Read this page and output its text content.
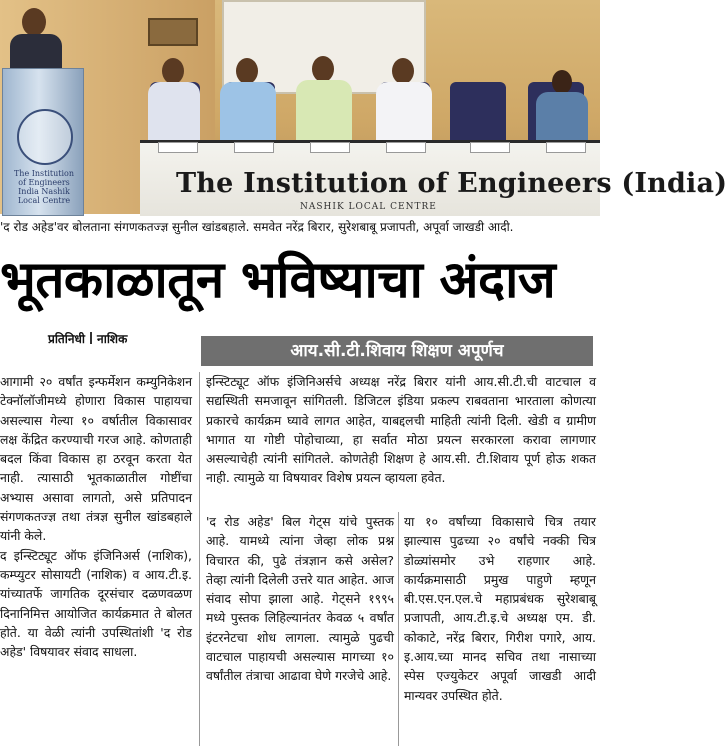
The Institution of Engineers India Nashik Local Centre
The Institution of Engineers (India)
NASHIK LOCAL CENTRE
'द रोड अहेड'वर बोलताना संगणकतज्ज्ञ सुनील खांडबहाले. समवेत नरेंद्र बिरार, सुरेशबाबू प्रजापती, अपूर्वा जाखडी आदी.
भूतकाळातून भविष्याचा अंदाज
प्रतिनिधी नाशिक
आय.सी.टी.शिवाय शिक्षण अपूर्णच
आगामी २० वर्षांत इन्फर्मेशन कम्युनिकेशन टेक्नॉलॉजीमध्ये होणारा विकास पाहायचा असल्यास गेल्या १० वर्षातील विकासावर लक्ष केंद्रित करण्याची गरज आहे. कोणताही बदल किंवा विकास हा ठरवून करता येत नाही. त्यासाठी भूतकाळातील गोष्टींचा अभ्यास असावा लागतो, असे प्रतिपादन संगणकतज्ज्ञ तथा तंत्रज्ञ सुनील खांडबहाले यांनी केले.
द इन्स्टिट्यूट ऑफ इंजिनिअर्स (नाशिक), कम्प्युटर सोसायटी (नाशिक) व आय.टी.इ. यांच्यातर्फे जागतिक दूरसंचार दळणवळण दिनानिमित्त आयोजित कार्यक्रमात ते बोलत होते. या वेळी त्यांनी उपस्थितांशी 'द रोड अहेड' विषयावर संवाद साधला.
इन्स्टिट्यूट ऑफ इंजिनिअर्सचे अध्यक्ष नरेंद्र बिरार यांनी आय.सी.टी.ची वाटचाल व सद्यस्थिती समजावून सांगितली. डिजिटल इंडिया प्रकल्प राबवताना भारताला कोणत्या प्रकारचे कार्यक्रम घ्यावे लागत आहेत, याबद्दलची माहिती त्यांनी दिली. खेडी व ग्रामीण भागात या गोष्टी पोहोचाव्या, हा सर्वात मोठा प्रयत्न सरकारला करावा लागणार असल्याचेही त्यांनी सांगितले. कोणतेही शिक्षण हे आय.सी. टी.शिवाय पूर्ण होऊ शकत नाही. त्यामुळे या विषयावर विशेष प्रयत्न व्हायला हवेत.
'द रोड अहेड' बिल गेट्स यांचे पुस्तक आहे. यामध्ये त्यांना जेव्हा लोक प्रश्न विचारत की, पुढे तंत्रज्ञान कसे असेल? तेव्हा त्यांनी दिलेली उत्तरे यात आहेत. आज संवाद सोपा झाला आहे. गेट्सने १९९५ मध्ये पुस्तक लिहिल्यानंतर केवळ ५ वर्षांत इंटरनेटचा शोध लागला. त्यामुळे पुढची वाटचाल पाहायची असल्यास मागच्या १० वर्षांतील तंत्राचा आढावा घेणे गरजेचे आहे.
या १० वर्षांच्या विकासाचे चित्र तयार झाल्यास पुढच्या २० वर्षांचे नक्की चित्र डोळ्यांसमोर उभे राहणार आहे. कार्यक्रमासाठी प्रमुख पाहुणे म्हणून बी.एस.एन.एल.चे महाप्रबंधक सुरेशबाबू प्रजापती, आय.टी.इ.चे अध्यक्ष एम. डी. कोकाटे, नरेंद्र बिरार, गिरीश पगारे, आय. इ.आय.च्या मानद सचिव तथा नासाच्या स्पेस एज्युकेटर अपूर्वा जाखडी आदी मान्यवर उपस्थित होते.
